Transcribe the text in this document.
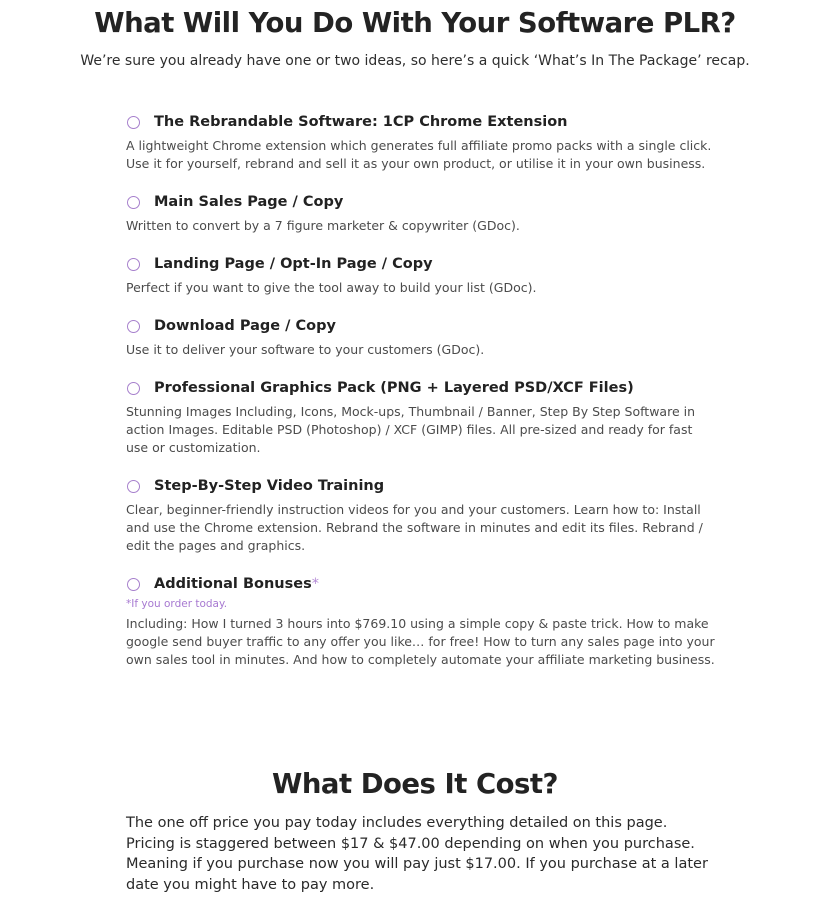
What Will You Do With Your Software PLR?

We’re sure you already have one or two ideas, so here’s a quick ‘What’s In The Package’ recap.

The Rebrandable Software: 1CP Chrome Extension
A lightweight Chrome extension which generates full affiliate promo packs with a single click. Use it for yourself, rebrand and sell it as your own product, or utilise it in your own business.
Main Sales Page / Copy
Written to convert by a 7 figure marketer & copywriter (GDoc).
Landing Page / Opt-In Page / Copy
Perfect if you want to give the tool away to build your list (GDoc).
Download Page / Copy
Use it to deliver your software to your customers (GDoc).
Professional Graphics Pack (PNG + Layered PSD/XCF Files)
Stunning Images Including, Icons, Mock-ups, Thumbnail / Banner, Step By Step Software in action Images. Editable PSD (Photoshop) / XCF (GIMP) files. All pre-sized and ready for fast use or customization.
Step-By-Step Video Training
Clear, beginner-friendly instruction videos for you and your customers. Learn how to: Install and use the Chrome extension. Rebrand the software in minutes and edit its files. Rebrand / edit the pages and graphics.
Additional Bonuses*
*If you order today.
Including: How I turned 3 hours into $769.10 using a simple copy & paste trick. How to make google send buyer traffic to any offer you like… for free! How to turn any sales page into your own sales tool in minutes. And how to completely automate your affiliate marketing business.
What Does It Cost?

The one off price you pay today includes everything detailed on this page. Pricing is staggered between $17 & $47.00 depending on when you purchase. Meaning if you purchase now you will pay just $17.00. If you purchase at a later date you might have to pay more.
